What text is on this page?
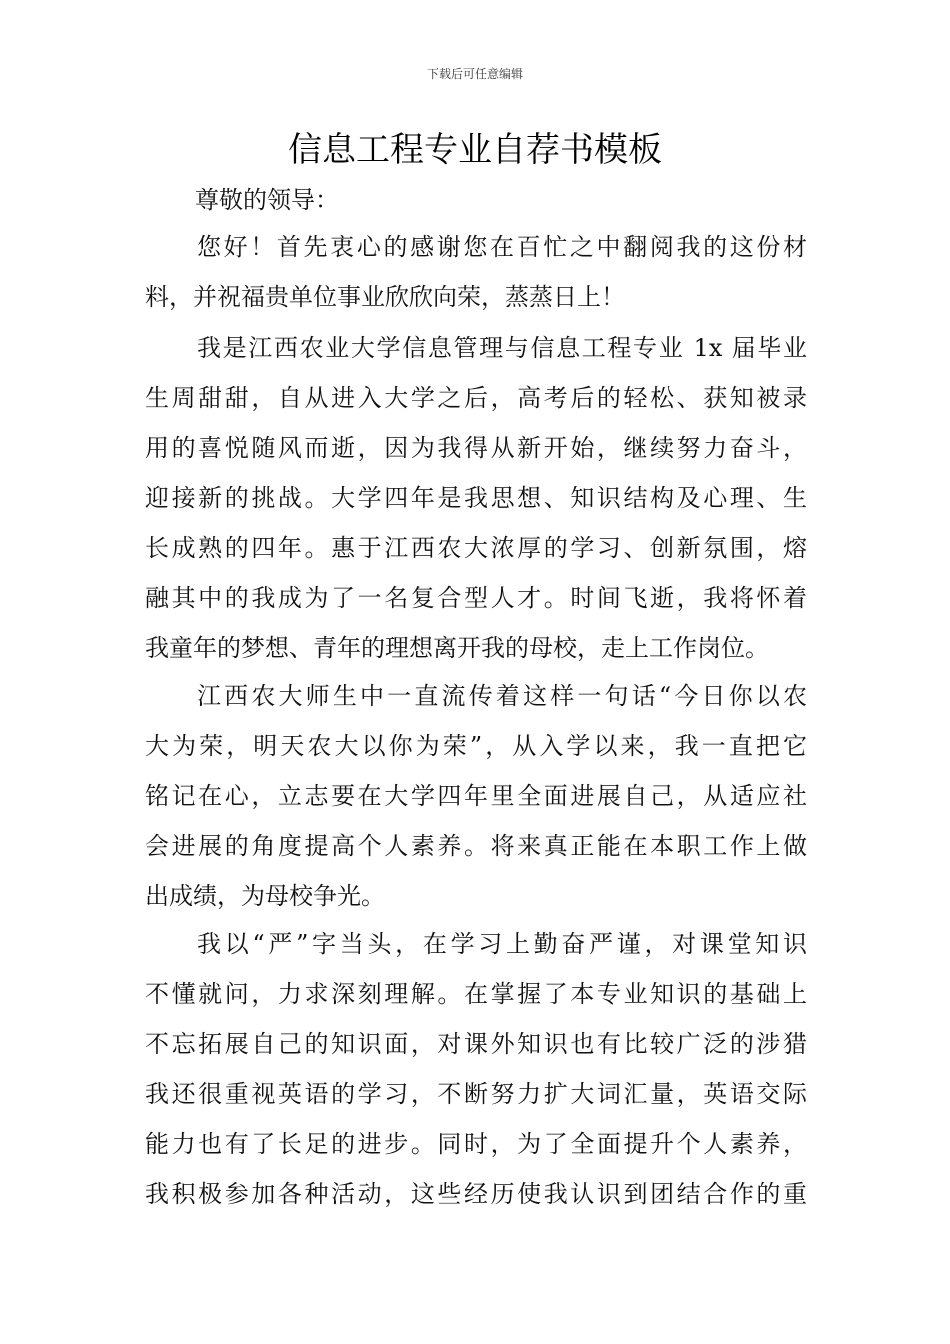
下载后可任意编辑
信息工程专业自荐书模板
尊敬的领导：
您好！首先衷心的感谢您在百忙之中翻阅我的这份材
料，并祝福贵单位事业欣欣向荣，蒸蒸日上！
我是江西农业大学信息管理与信息工程专业 1x 届毕业
生周甜甜，自从进入大学之后，高考后的轻松、获知被录
用的喜悦随风而逝，因为我得从新开始，继续努力奋斗，
迎接新的挑战。大学四年是我思想、知识结构及心理、生
长成熟的四年。惠于江西农大浓厚的学习、创新氛围，熔
融其中的我成为了一名复合型人才。时间飞逝，我将怀着
我童年的梦想、青年的理想离开我的母校，走上工作岗位。
江西农大师生中一直流传着这样一句话“今日你以农
大为荣，明天农大以你为荣”，从入学以来，我一直把它
铭记在心，立志要在大学四年里全面进展自己，从适应社
会进展的角度提高个人素养。将来真正能在本职工作上做
出成绩，为母校争光。
我以“严”字当头，在学习上勤奋严谨，对课堂知识
不懂就问，力求深刻理解。在掌握了本专业知识的基础上
不忘拓展自己的知识面，对课外知识也有比较广泛的涉猎
我还很重视英语的学习，不断努力扩大词汇量，英语交际
能力也有了长足的进步。同时，为了全面提升个人素养，
我积极参加各种活动，这些经历使我认识到团结合作的重
